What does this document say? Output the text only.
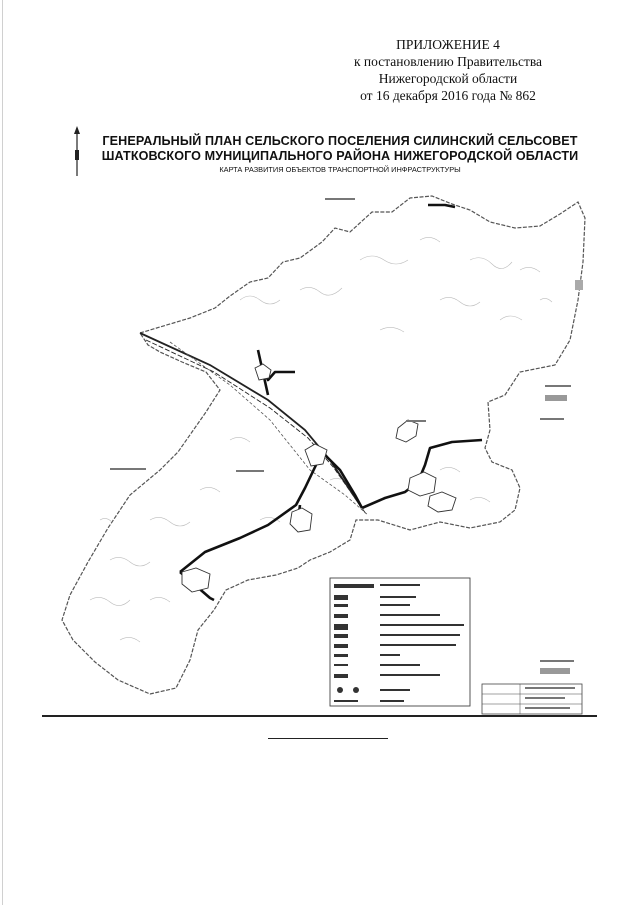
ПРИЛОЖЕНИЕ 4
к постановлению Правительства
Нижегородской области
от 16 декабря 2016 года № 862
ГЕНЕРАЛЬНЫЙ ПЛАН СЕЛЬСКОГО ПОСЕЛЕНИЯ СИЛИНСКИЙ СЕЛЬСОВЕТ
ШАТКОВСКОГО МУНИЦИПАЛЬНОГО РАЙОНА НИЖЕГОРОДСКОЙ ОБЛАСТИ
КАРТА РАЗВИТИЯ ОБЪЕКТОВ ТРАНСПОРТНОЙ ИНФРАСТРУКТУРЫ
